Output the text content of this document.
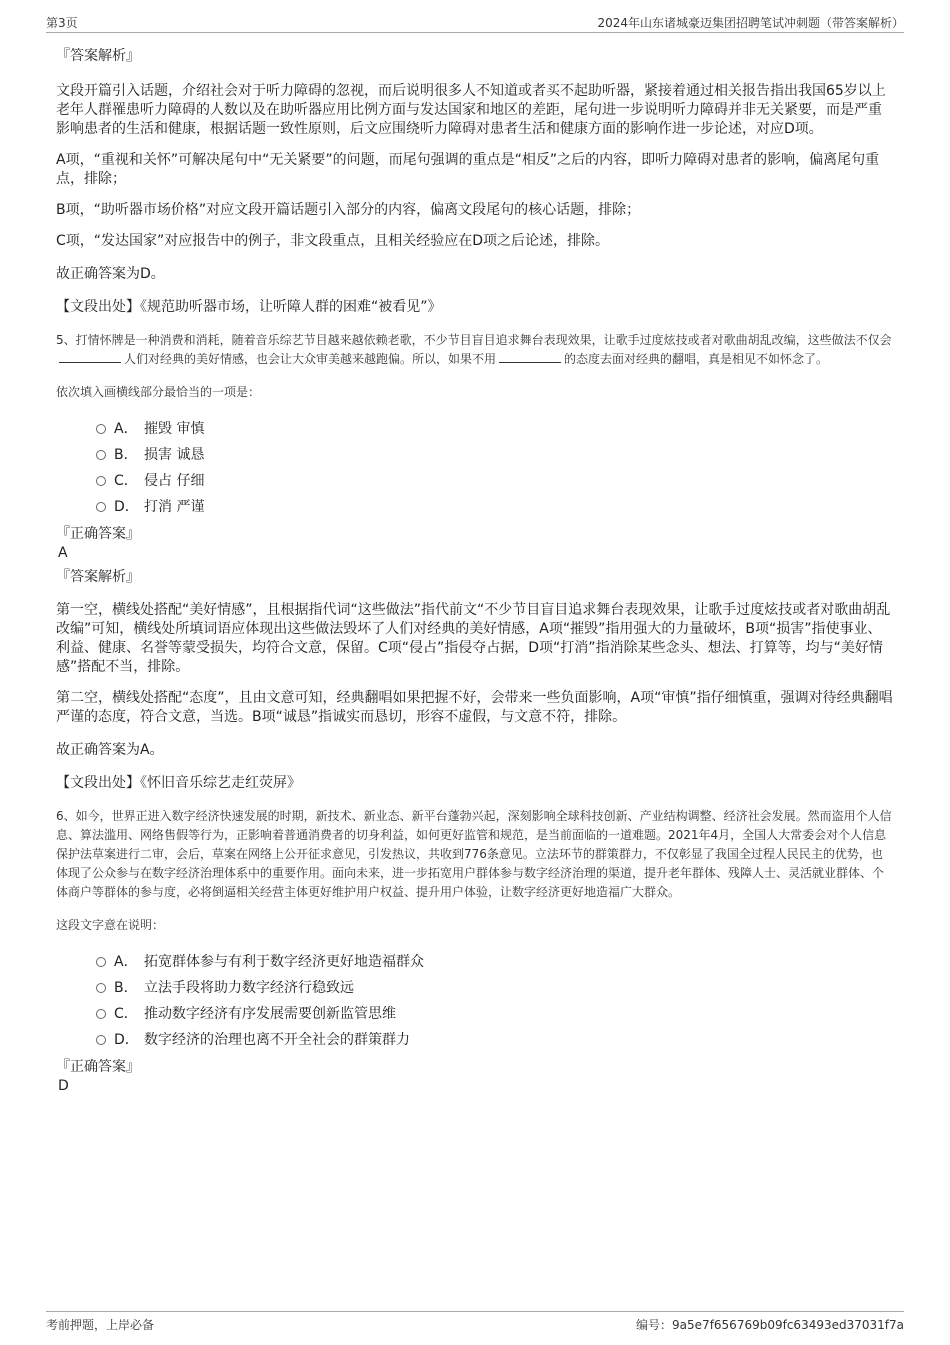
第3页	2024年山东诸城豪迈集团招聘笔试冲刺题（带答案解析）
『答案解析』
文段开篇引入话题，介绍社会对于听力障碍的忽视，而后说明很多人不知道或者买不起助听器，紧接着通过相关报告指出我国65岁以上老年人群罹患听力障碍的人数以及在助听器应用比例方面与发达国家和地区的差距，尾句进一步说明听力障碍并非无关紧要，而是严重影响患者的生活和健康，根据话题一致性原则，后文应围绕听力障碍对患者生活和健康方面的影响作进一步论述，对应D项。
A项，“重视和关怀”可解决尾句中“无关紧要”的问题，而尾句强调的重点是“相反”之后的内容，即听力障碍对患者的影响，偏离尾句重点，排除；
B项，“助听器市场价格”对应文段开篇话题引入部分的内容，偏离文段尾句的核心话题，排除；
C项，“发达国家”对应报告中的例子，非文段重点，且相关经验应在D项之后论述，排除。
故正确答案为D。
【文段出处】《规范助听器市场，让听障人群的困难“被看见”》
5、打情怀牌是一种消费和消耗，随着音乐综艺节目越来越依赖老歌，不少节目盲目追求舞台表现效果，让歌手过度炫技或者对歌曲胡乱改编，这些做法不仅会人们对经典的美好情感，也会让大众审美越来越跑偏。所以，如果不用	的态度去面对经典的翻唱，真是相见不如怀念了。
依次填入画横线部分最恰当的一项是：
A． 摧毁 审慎
B． 损害 诚恳
C． 侵占 仔细
D． 打消 严谨
『正确答案』
A
『答案解析』
第一空，横线处搭配“美好情感”，且根据指代词“这些做法”指代前文“不少节目盲目追求舞台表现效果，让歌手过度炫技或者对歌曲胡乱改编”可知，横线处所填词语应体现出这些做法毁坏了人们对经典的美好情感，A项“摧毁”指用强大的力量破坏，B项“损害”指使事业、利益、健康、名誉等蒙受损失，均符合文意，保留。C项“侵占”指侵夺占据，D项“打消”指消除某些念头、想法、打算等，均与“美好情感”搭配不当，排除。
第二空，横线处搭配“态度”，且由文意可知，经典翻唱如果把握不好，会带来一些负面影响，A项“审慎”指仔细慎重，强调对待经典翻唱严谨的态度，符合文意，当选。B项“诚恳”指诚实而恳切，形容不虚假，与文意不符，排除。
故正确答案为A。
【文段出处】《怀旧音乐综艺走红荧屏》
6、如今，世界正进入数字经济快速发展的时期，新技术、新业态、新平台蓬勃兴起，深刻影响全球科技创新、产业结构调整、经济社会发展。然而盗用个人信息、算法滥用、网络售假等行为，正影响着普通消费者的切身利益，如何更好监管和规范，是当前面临的一道难题。2021年4月，全国人大常委会对个人信息保护法草案进行二审，会后，草案在网络上公开征求意见，引发热议，共收到776条意见。立法环节的群策群力，不仅彰显了我国全过程人民民主的优势，也体现了公众参与在数字经济治理体系中的重要作用。面向未来，进一步拓宽用户群体参与数字经济治理的渠道，提升老年群体、残障人士、灵活就业群体、个体商户等群体的参与度，必将倒逼相关经营主体更好维护用户权益、提升用户体验，让数字经济更好地造福广大群众。
这段文字意在说明：
A． 拓宽群体参与有利于数字经济更好地造福群众
B． 立法手段将助力数字经济行稳致远
C． 推动数字经济有序发展需要创新监管思维
D． 数字经济的治理也离不开全社会的群策群力
『正确答案』
D
考前押题，上岸必备	编号：9a5e7f656769b09fc63493ed37031f7a
